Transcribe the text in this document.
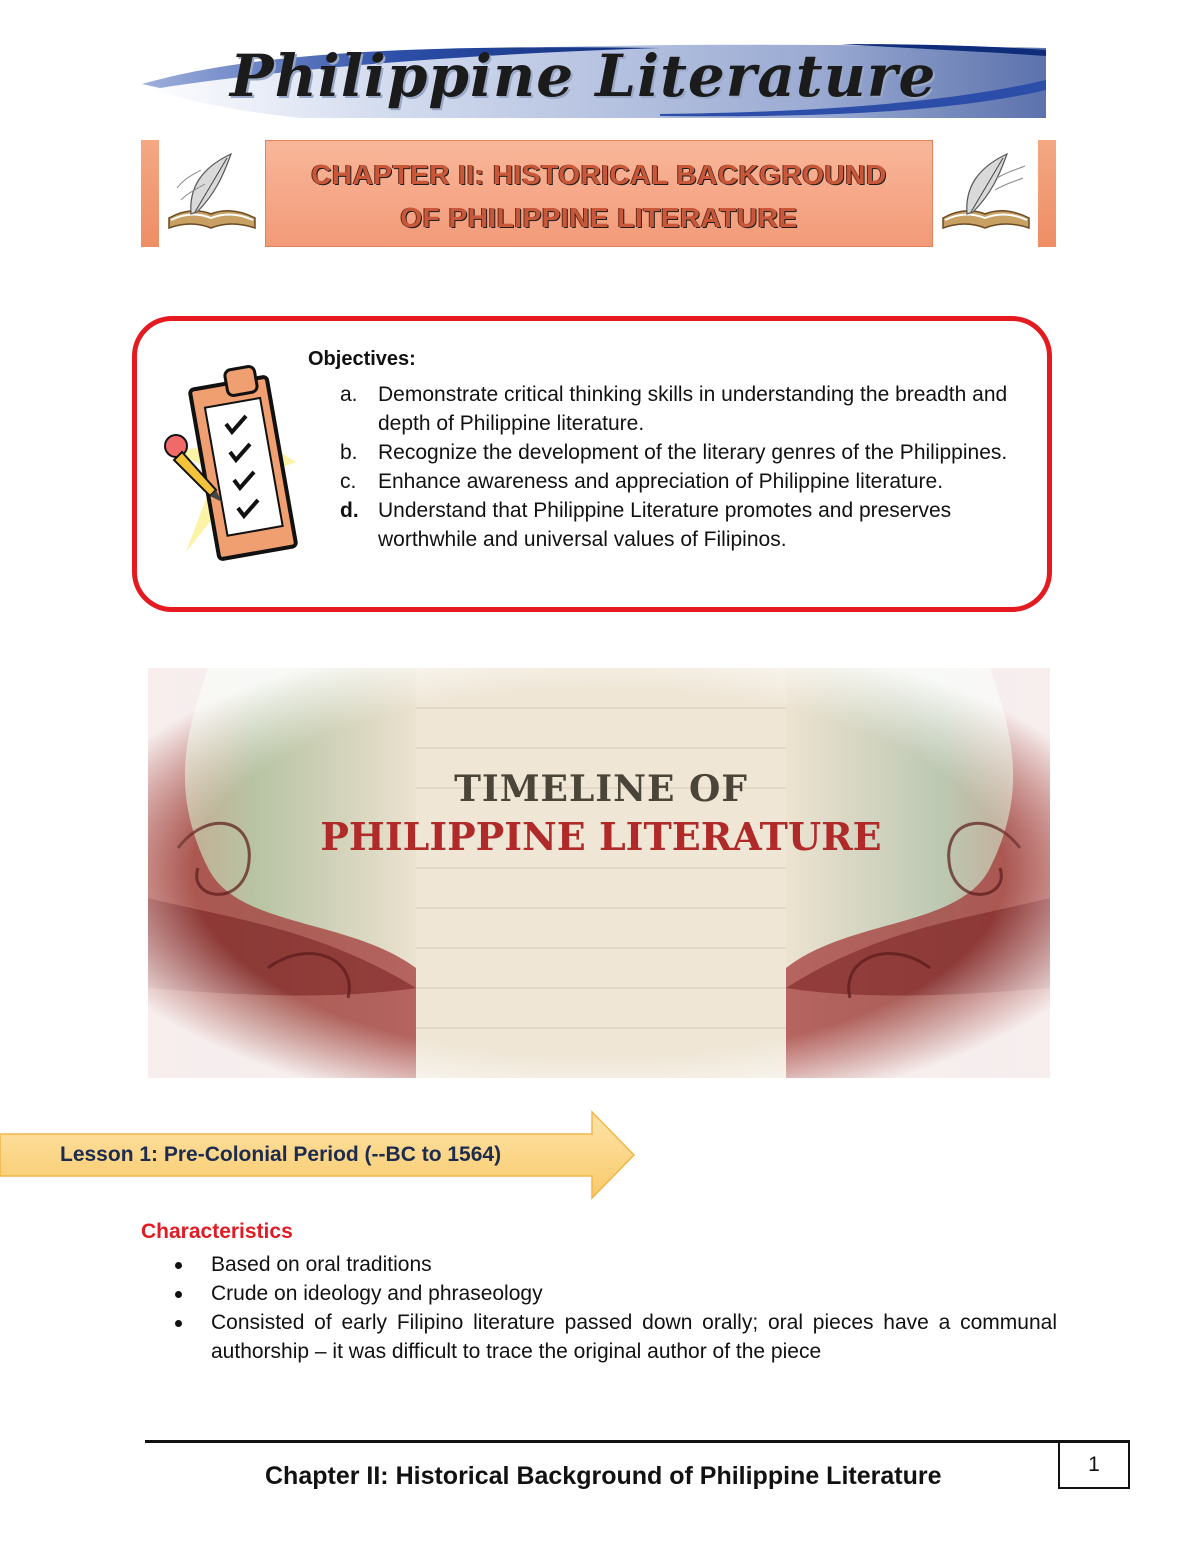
Philippine Literature
CHAPTER II: HISTORICAL BACKGROUND
OF PHILIPPINE LITERATURE
Objectives:
a. Demonstrate critical thinking skills in understanding the breadth and depth of Philippine literature.
b. Recognize the development of the literary genres of the Philippines.
c. Enhance awareness and appreciation of Philippine literature.
d. Understand that Philippine Literature promotes and preserves worthwhile and universal values of Filipinos.
TIMELINE OF
PHILIPPINE LITERATURE
Lesson 1: Pre-Colonial Period (--BC to 1564)
Characteristics
Based on oral traditions
Crude on ideology and phraseology
Consisted of early Filipino literature passed down orally; oral pieces have a communal authorship – it was difficult to trace the original author of the piece
Chapter II: Historical Background of Philippine Literature	1
